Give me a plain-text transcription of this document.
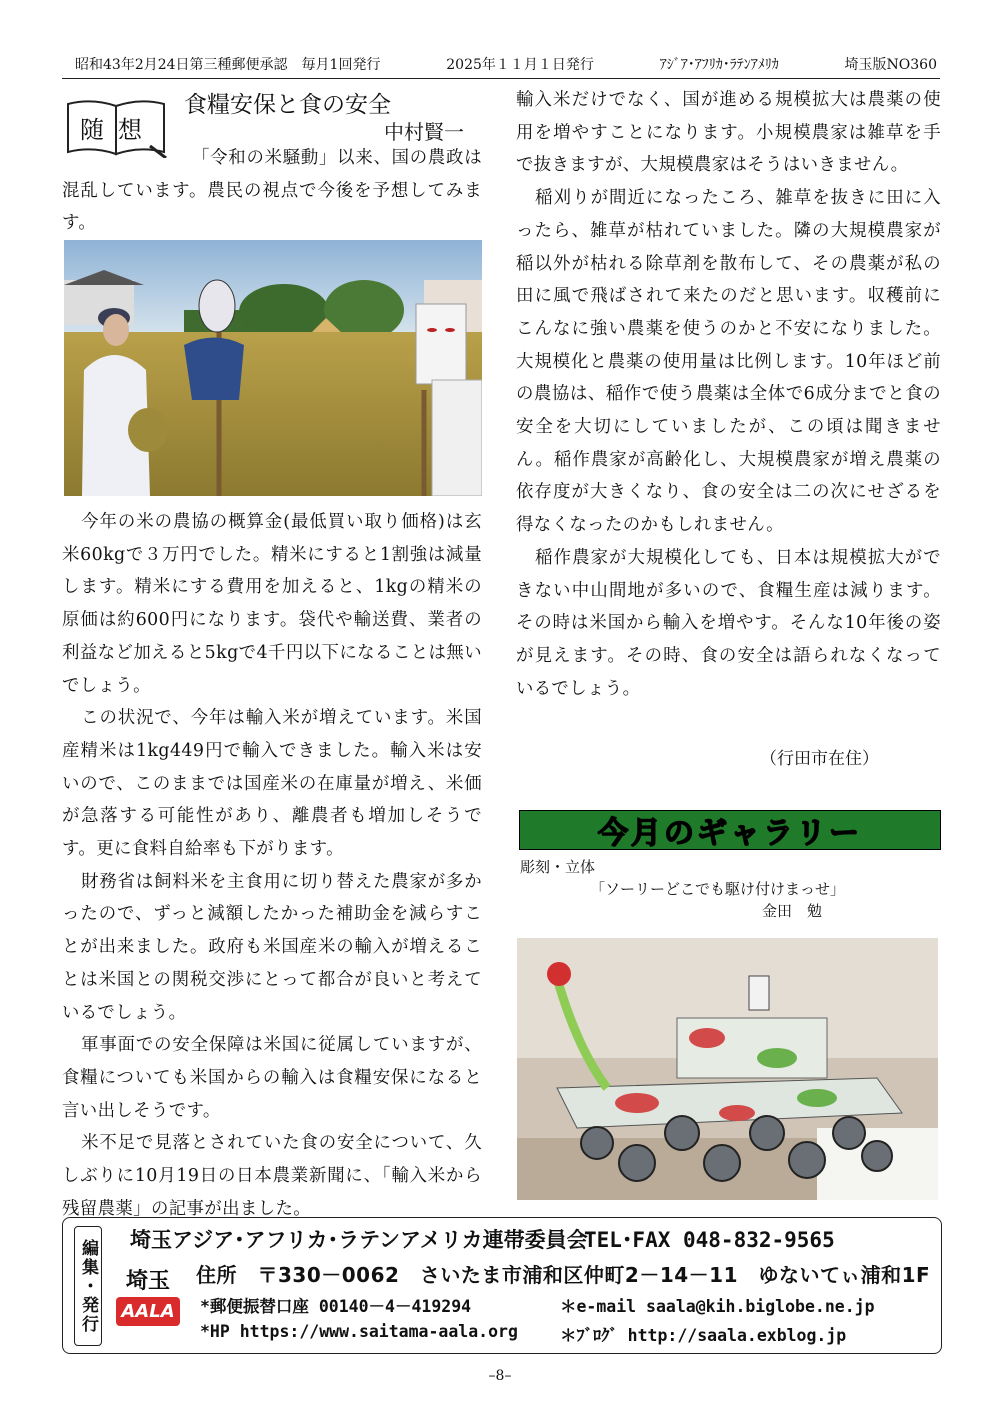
昭和43年2月24日第三種郵便承認　毎月1回発行	2025年１１月１日発行	ｱｼﾞｱ･ｱﾌﾘｶ･ﾗﾃﾝｱﾒﾘｶ	埼玉版NO360
随想
食糧安保と食の安全
中村賢一

「令和の米騒動」以来、国の農政は混乱しています。農民の視点で今後を予想してみます。

今年の米の農協の概算金(最低買い取り価格)は玄米60kgで３万円でした。精米にすると1割強は減量します。精米にする費用を加えると、1kgの精米の原価は約600円になります。袋代や輸送費、業者の利益など加えると5kgで4千円以下になることは無いでしょう。

この状況で、今年は輸入米が増えています。米国産精米は1kg449円で輸入できました。輸入米は安いので、このままでは国産米の在庫量が増え、米価が急落する可能性があり、離農者も増加しそうです。更に食料自給率も下がります。

財務省は飼料米を主食用に切り替えた農家が多かったので、ずっと減額したかった補助金を減らすことが出来ました。政府も米国産米の輸入が増えることは米国との関税交渉にとって都合が良いと考えているでしょう。

軍事面での安全保障は米国に従属していますが、食糧についても米国からの輸入は食糧安保になると言い出しそうです。

米不足で見落とされていた食の安全について、久しぶりに10月19日の日本農業新聞に、「輸入米から残留農薬」の記事が出ました。

輸入米だけでなく、国が進める規模拡大は農薬の使用を増やすことになります。小規模農家は雑草を手で抜きますが、大規模農家はそうはいきません。

稲刈りが間近になったころ、雑草を抜きに田に入ったら、雑草が枯れていました。隣の大規模農家が稲以外が枯れる除草剤を散布して、その農薬が私の田に風で飛ばされて来たのだと思います。収穫前にこんなに強い農薬を使うのかと不安になりました。大規模化と農薬の使用量は比例します。10年ほど前の農協は、稲作で使う農薬は全体で6成分までと食の安全を大切にしていましたが、この頃は聞きません。稲作農家が高齢化し、大規模農家が増え農薬の依存度が大きくなり、食の安全は二の次にせざるを得なくなったのかもしれません。

稲作農家が大規模化しても、日本は規模拡大ができない中山間地が多いので、食糧生産は減ります。その時は米国から輸入を増やす。そんな10年後の姿が見えます。その時、食の安全は語られなくなっているでしょう。

（行田市在住）
今月のギャラリー
彫刻・立体
「ソーリーどこでも駆け付けまっせ」
金田　勉
編集・発行	埼玉
AALA
埼玉アジア･アフリカ･ラテンアメリカ連帯委員会
TEL･FAX 048-832-9565
住所　〒330－0062　さいたま市浦和区仲町2－14－11　ゆないてぃ浦和1F
*郵便振替口座 00140－4－419294	＊e-mail saala@kih.biglobe.ne.jp
*HP https://www.saitama-aala.org	＊ﾌﾞﾛｸﾞ http://saala.exblog.jp
–8–
